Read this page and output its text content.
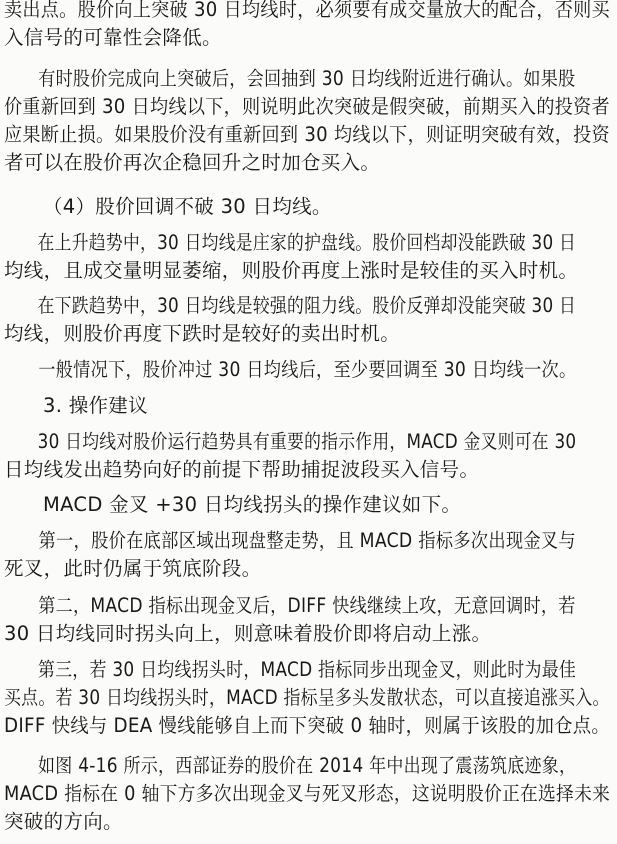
卖出点。股价向上突破 30 日均线时，必须要有成交量放大的配合，否则买
入信号的可靠性会降低。

有时股价完成向上突破后，会回抽到 30 日均线附近进行确认。如果股
价重新回到 30 日均线以下，则说明此次突破是假突破，前期买入的投资者
应果断止损。如果股价没有重新回到 30 均线以下，则证明突破有效，投资
者可以在股价再次企稳回升之时加仓买入。

（4）股价回调不破 30 日均线。

在上升趋势中，30 日均线是庄家的护盘线。股价回档却没能跌破 30 日
均线，且成交量明显萎缩，则股价再度上涨时是较佳的买入时机。

在下跌趋势中，30 日均线是较强的阻力线。股价反弹却没能突破 30 日
均线，则股价再度下跌时是较好的卖出时机。

一般情况下，股价冲过 30 日均线后，至少要回调至 30 日均线一次。

3. 操作建议

30 日均线对股价运行趋势具有重要的指示作用，MACD 金叉则可在 30
日均线发出趋势向好的前提下帮助捕捉波段买入信号。

MACD 金叉 +30 日均线拐头的操作建议如下。

第一，股价在底部区域出现盘整走势，且 MACD 指标多次出现金叉与
死叉，此时仍属于筑底阶段。

第二，MACD 指标出现金叉后，DIFF 快线继续上攻，无意回调时，若
30 日均线同时拐头向上，则意味着股价即将启动上涨。

第三，若 30 日均线拐头时，MACD 指标同步出现金叉，则此时为最佳
买点。若 30 日均线拐头时，MACD 指标呈多头发散状态，可以直接追涨买入。
DIFF 快线与 DEA 慢线能够自上而下突破 0 轴时，则属于该股的加仓点。

如图 4-16 所示，西部证券的股价在 2014 年中出现了震荡筑底迹象，
MACD 指标在 0 轴下方多次出现金叉与死叉形态，这说明股价正在选择未来
突破的方向。
